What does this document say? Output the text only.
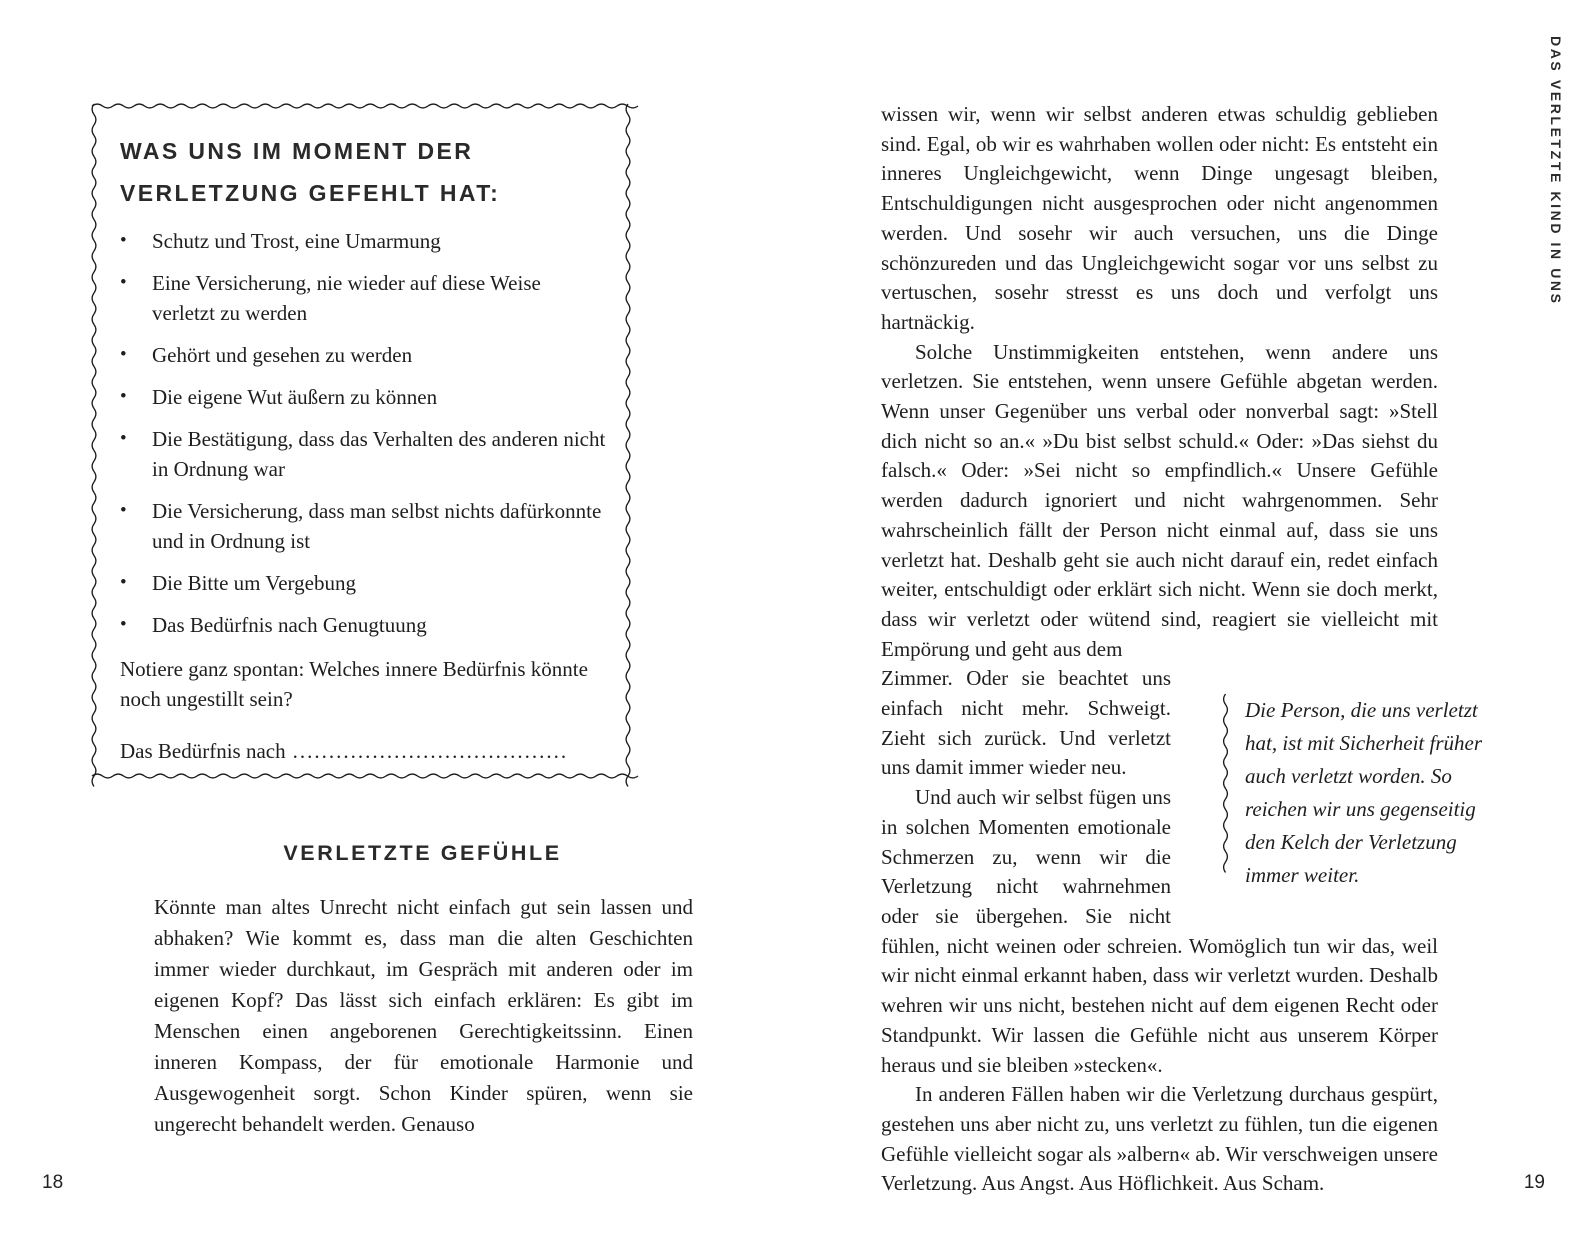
WAS UNS IM MOMENT DER VERLETZUNG GEFEHLT HAT:
•	Schutz und Trost, eine Umarmung
•	Eine Versicherung, nie wieder auf diese Weise verletzt zu werden
•	Gehört und gesehen zu werden
•	Die eigene Wut äußern zu können
•	Die Bestätigung, dass das Verhalten des anderen nicht in Ordnung war
•	Die Versicherung, dass man selbst nichts dafürkonnte und in Ordnung ist
•	Die Bitte um Vergebung
•	Das Bedürfnis nach Genugtuung
Notiere ganz spontan: Welches innere Bedürfnis könnte noch ungestillt sein?
Das Bedürfnis nach ......................................
VERLETZTE GEFÜHLE
Könnte man altes Unrecht nicht einfach gut sein lassen und abhaken? Wie kommt es, dass man die alten Geschichten immer wieder durchkaut, im Gespräch mit anderen oder im eigenen Kopf? Das lässt sich einfach erklären: Es gibt im Menschen einen angeborenen Gerechtigkeitssinn. Einen inneren Kompass, der für emotionale Harmonie und Ausgewogenheit sorgt. Schon Kinder spüren, wenn sie ungerecht behandelt werden. Genauso
18
DAS VERLETZTE KIND IN UNS

wissen wir, wenn wir selbst anderen etwas schuldig geblieben sind. Egal, ob wir es wahrhaben wollen oder nicht: Es entsteht ein inneres Ungleichgewicht, wenn Dinge ungesagt bleiben, Entschuldigungen nicht ausgesprochen oder nicht angenommen werden. Und sosehr wir auch versuchen, uns die Dinge schönzureden und das Ungleichgewicht sogar vor uns selbst zu vertuschen, sosehr stresst es uns doch und verfolgt uns hartnäckig.

Solche Unstimmigkeiten entstehen, wenn andere uns verletzen. Sie entstehen, wenn unsere Gefühle abgetan werden. Wenn unser Gegenüber uns verbal oder nonverbal sagt: »Stell dich nicht so an.« »Du bist selbst schuld.« Oder: »Das siehst du falsch.« Oder: »Sei nicht so empfindlich.« Unsere Gefühle werden dadurch ignoriert und nicht wahrgenommen. Sehr wahrscheinlich fällt der Person nicht einmal auf, dass sie uns verletzt hat. Deshalb geht sie auch nicht darauf ein, redet einfach weiter, entschuldigt oder erklärt sich nicht. Wenn sie doch merkt, dass wir verletzt oder wütend sind, reagiert sie vielleicht mit Empörung und geht aus dem

Die Person, die uns verletzt hat, ist mit Sicherheit früher auch verletzt worden. So reichen wir uns gegenseitig den Kelch der Verletzung immer weiter.
Zimmer. Oder sie beachtet uns einfach nicht mehr. Schweigt. Zieht sich zurück. Und verletzt uns damit immer wieder neu.

Und auch wir selbst fügen uns in solchen Momenten emotionale Schmerzen zu, wenn wir die Verletzung nicht wahrnehmen oder sie übergehen. Sie nicht fühlen, nicht weinen oder schreien. Womöglich tun wir das, weil wir nicht einmal erkannt haben, dass wir verletzt wurden. Deshalb wehren wir uns nicht, bestehen nicht auf dem eigenen Recht oder Standpunkt. Wir lassen die Gefühle nicht aus unserem Körper heraus und sie bleiben »stecken«.

In anderen Fällen haben wir die Verletzung durchaus gespürt, gestehen uns aber nicht zu, uns verletzt zu fühlen, tun die eigenen Gefühle vielleicht sogar als »albern« ab. Wir verschweigen unsere Verletzung. Aus Angst. Aus Höflichkeit. Aus Scham.	19
